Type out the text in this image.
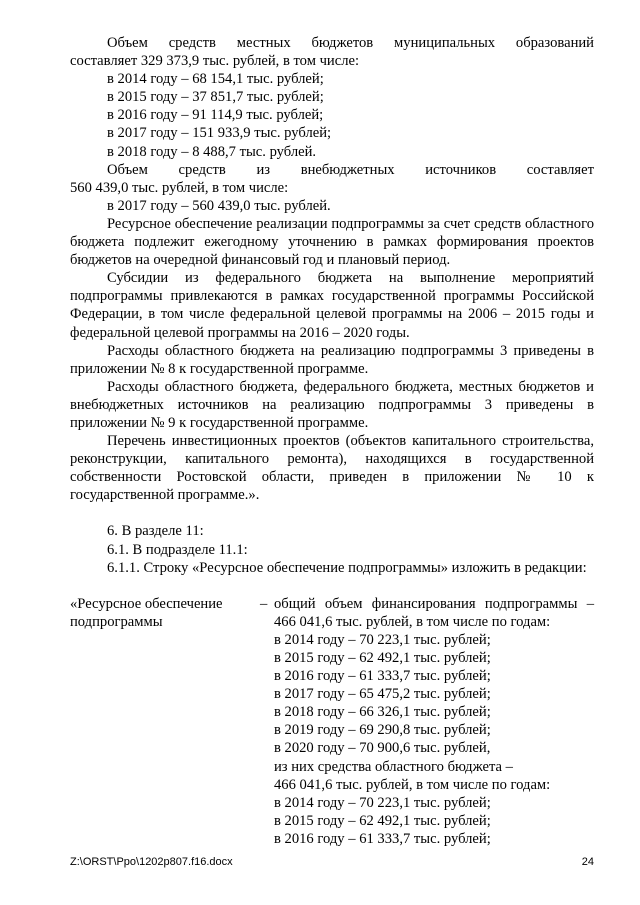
Объем средств местных бюджетов муниципальных образований

составляет 329 373,9 тыс. рублей, в том числе:

в 2014 году – 68 154,1 тыс. рублей;

в 2015 году – 37 851,7 тыс. рублей;

в 2016 году – 91 114,9 тыс. рублей;

в 2017 году – 151 933,9 тыс. рублей;

в 2018 году – 8 488,7 тыс. рублей.

Объем средств из внебюджетных источников составляет

560 439,0 тыс. рублей, в том числе:

в 2017 году – 560 439,0 тыс. рублей.

Ресурсное обеспечение реализации подпрограммы за счет средств областного бюджета подлежит ежегодному уточнению в рамках формирования проектов бюджетов на очередной финансовый год и плановый период.

Субсидии из федерального бюджета на выполнение мероприятий подпрограммы привлекаются в рамках государственной программы Российской Федерации, в том числе федеральной целевой программы на 2006 – 2015 годы и федеральной целевой программы на 2016 – 2020 годы.

Расходы областного бюджета на реализацию подпрограммы 3 приведены в приложении № 8 к государственной программе.

Расходы областного бюджета, федерального бюджета, местных бюджетов и внебюджетных источников на реализацию подпрограммы 3 приведены в приложении № 9 к государственной программе.

Перечень инвестиционных проектов (объектов капитального строительства, реконструкции, капитального ремонта), находящихся в государственной собственности Ростовской области, приведен в приложении № 10 к государственной программе.».

6. В разделе 11:

6.1. В подразделе 11.1:

6.1.1. Строку «Ресурсное обеспечение подпрограммы» изложить в редакции:

«Ресурсное обеспечение подпрограммы
– общий объем финансирования подпрограммы – 466 041,6 тыс. рублей, в том числе по годам:

в 2014 году – 70 223,1 тыс. рублей;

в 2015 году – 62 492,1 тыс. рублей;

в 2016 году – 61 333,7 тыс. рублей;

в 2017 году – 65 475,2 тыс. рублей;

в 2018 году – 66 326,1 тыс. рублей;

в 2019 году – 69 290,8 тыс. рублей;

в 2020 году – 70 900,6 тыс. рублей,

из них средства областного бюджета –

466 041,6 тыс. рублей, в том числе по годам:

в 2014 году – 70 223,1 тыс. рублей;

в 2015 году – 62 492,1 тыс. рублей;

в 2016 году – 61 333,7 тыс. рублей;

Z:\ORST\Ppo\1202p807.f16.docx	24
